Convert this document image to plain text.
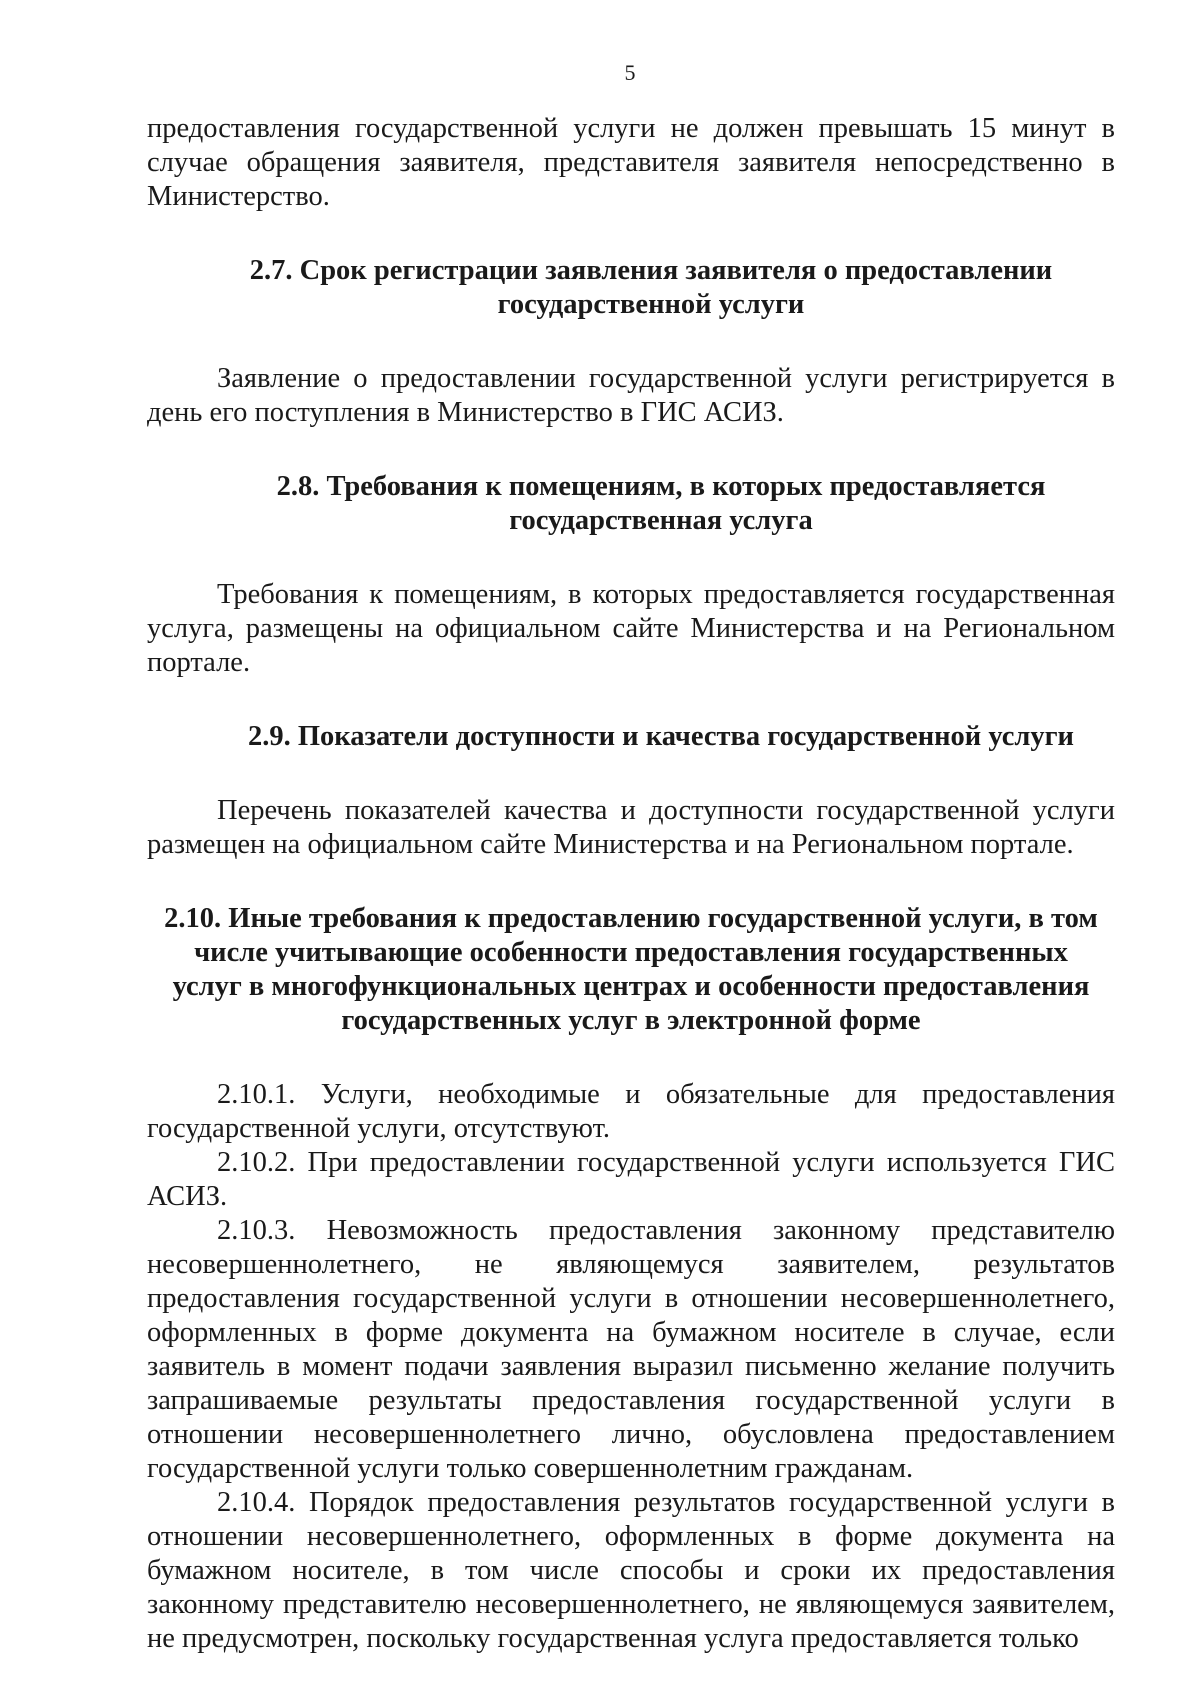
5

предоставления государственной услуги не должен превышать 15 минут в случае обращения заявителя, представителя заявителя непосредственно в Министерство.

2.7. Срок регистрации заявления заявителя о предоставлении государственной услуги

Заявление о предоставлении государственной услуги регистрируется в день его поступления в Министерство в ГИС АСИЗ.

2.8. Требования к помещениям, в которых предоставляется государственная услуга

Требования к помещениям, в которых предоставляется государственная услуга, размещены на официальном сайте Министерства и на Региональном портале.

2.9. Показатели доступности и качества государственной услуги

Перечень показателей качества и доступности государственной услуги размещен на официальном сайте Министерства и на Региональном портале.

2.10. Иные требования к предоставлению государственной услуги, в том числе учитывающие особенности предоставления государственных услуг в многофункциональных центрах и особенности предоставления государственных услуг в электронной форме

2.10.1. Услуги, необходимые и обязательные для предоставления государственной услуги, отсутствуют.

2.10.2. При предоставлении государственной услуги используется ГИС АСИЗ.

2.10.3. Невозможность предоставления законному представителю несовершеннолетнего, не являющемуся заявителем, результатов предоставления государственной услуги в отношении несовершеннолетнего, оформленных в форме документа на бумажном носителе в случае, если заявитель в момент подачи заявления выразил письменно желание получить запрашиваемые результаты предоставления государственной услуги в отношении несовершеннолетнего лично, обусловлена предоставлением государственной услуги только совершеннолетним гражданам.

2.10.4. Порядок предоставления результатов государственной услуги в отношении несовершеннолетнего, оформленных в форме документа на бумажном носителе, в том числе способы и сроки их предоставления законному представителю несовершеннолетнего, не являющемуся заявителем, не предусмотрен, поскольку государственная услуга предоставляется только
